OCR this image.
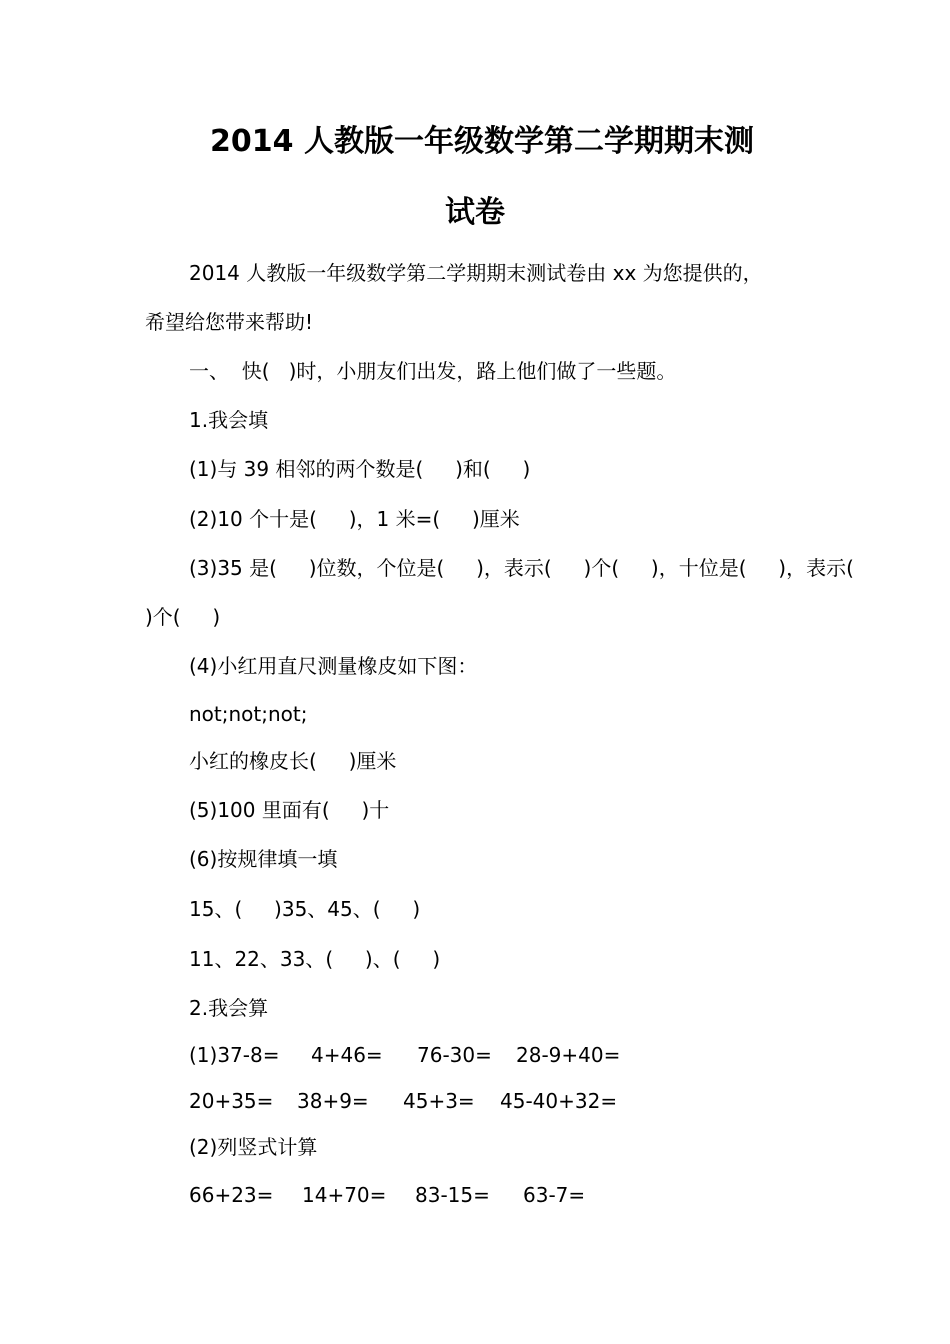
2014 人教版一年级数学第二学期期末测
试卷
2014 人教版一年级数学第二学期期末测试卷由 xx 为您提供的，
希望给您带来帮助!
一、  快(   )时，小朋友们出发，路上他们做了一些题。
1.我会填
(1)与 39 相邻的两个数是(     )和(     )
(2)10 个十是(     )，1 米=(     )厘米
(3)35 是(     )位数，个位是(     )，表示(     )个(     )，十位是(     )，表示(
)个(     )
(4)小红用直尺测量橡皮如下图：
not;not;not;
小红的橡皮长(     )厘米
(5)100 里面有(     )十
(6)按规律填一填
15、(     )35、45、(     )
11、22、33、(     )、(     )
2.我会算
(1)37-8= 4+46= 76-30= 28-9+40=
20+35= 38+9= 45+3= 45-40+32=
(2)列竖式计算
66+23= 14+70= 83-15= 63-7=
